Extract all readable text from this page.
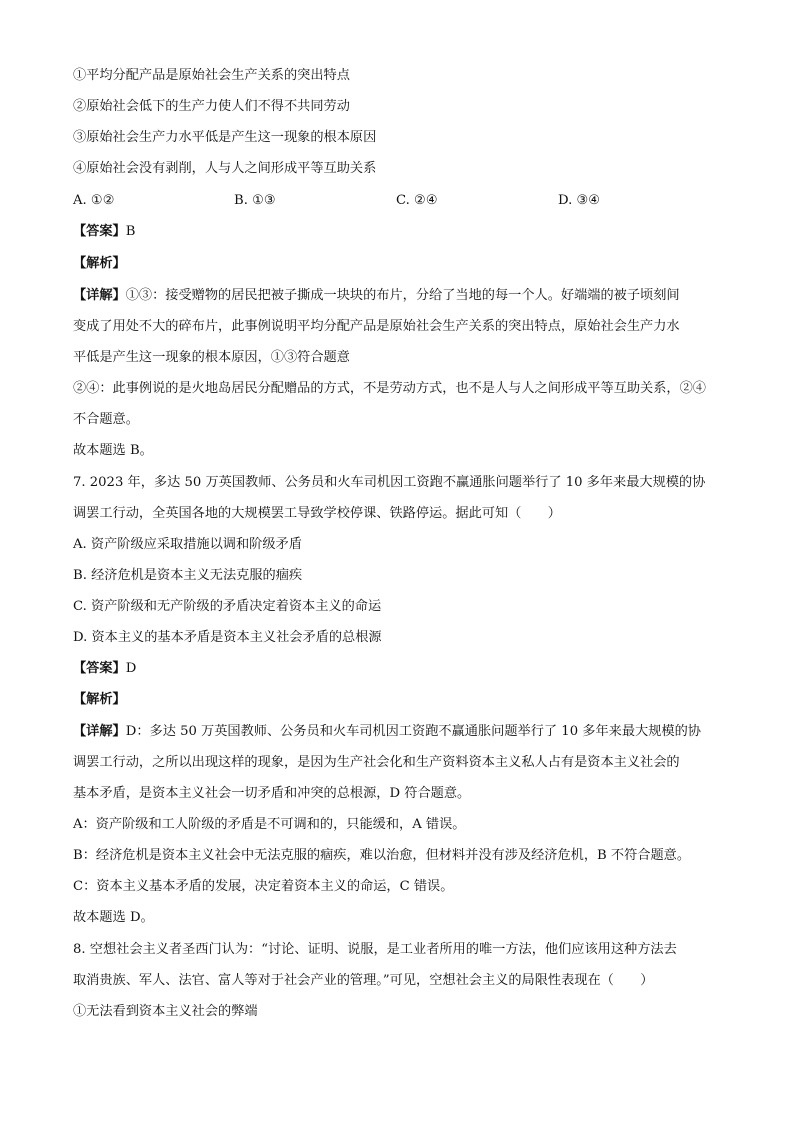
①平均分配产品是原始社会生产关系的突出特点
②原始社会低下的生产力使人们不得不共同劳动
③原始社会生产力水平低是产生这一现象的根本原因
④原始社会没有剥削，人与人之间形成平等互助关系
A. ①②	B. ①③	C. ②④	D. ③④
【答案】B
【解析】
【详解】①③：接受赠物的居民把被子撕成一块块的布片，分给了当地的每一个人。好端端的被子顷刻间
变成了用处不大的碎布片，此事例说明平均分配产品是原始社会生产关系的突出特点，原始社会生产力水
平低是产生这一现象的根本原因，①③符合题意
②④：此事例说的是火地岛居民分配赠品的方式，不是劳动方式，也不是人与人之间形成平等互助关系，②④
不合题意。
故本题选 B。
7. 2023 年，多达 50 万英国教师、公务员和火车司机因工资跑不赢通胀问题举行了 10 多年来最大规模的协
调罢工行动，全英国各地的大规模罢工导致学校停课、铁路停运。据此可知（　　）
A. 资产阶级应采取措施以调和阶级矛盾
B. 经济危机是资本主义无法克服的痼疾
C. 资产阶级和无产阶级的矛盾决定着资本主义的命运
D. 资本主义的基本矛盾是资本主义社会矛盾的总根源
【答案】D
【解析】
【详解】D：多达 50 万英国教师、公务员和火车司机因工资跑不赢通胀问题举行了 10 多年来最大规模的协
调罢工行动，之所以出现这样的现象，是因为生产社会化和生产资料资本主义私人占有是资本主义社会的
基本矛盾，是资本主义社会一切矛盾和冲突的总根源，D 符合题意。
A：资产阶级和工人阶级的矛盾是不可调和的，只能缓和，A 错误。
B：经济危机是资本主义社会中无法克服的痼疾，难以治愈，但材料并没有涉及经济危机，B 不符合题意。
C：资本主义基本矛盾的发展，决定着资本主义的命运，C 错误。
故本题选 D。
8. 空想社会主义者圣西门认为：“讨论、证明、说服，是工业者所用的唯一方法，他们应该用这种方法去
取消贵族、军人、法官、富人等对于社会产业的管理。”可见，空想社会主义的局限性表现在（　　）
①无法看到资本主义社会的弊端
